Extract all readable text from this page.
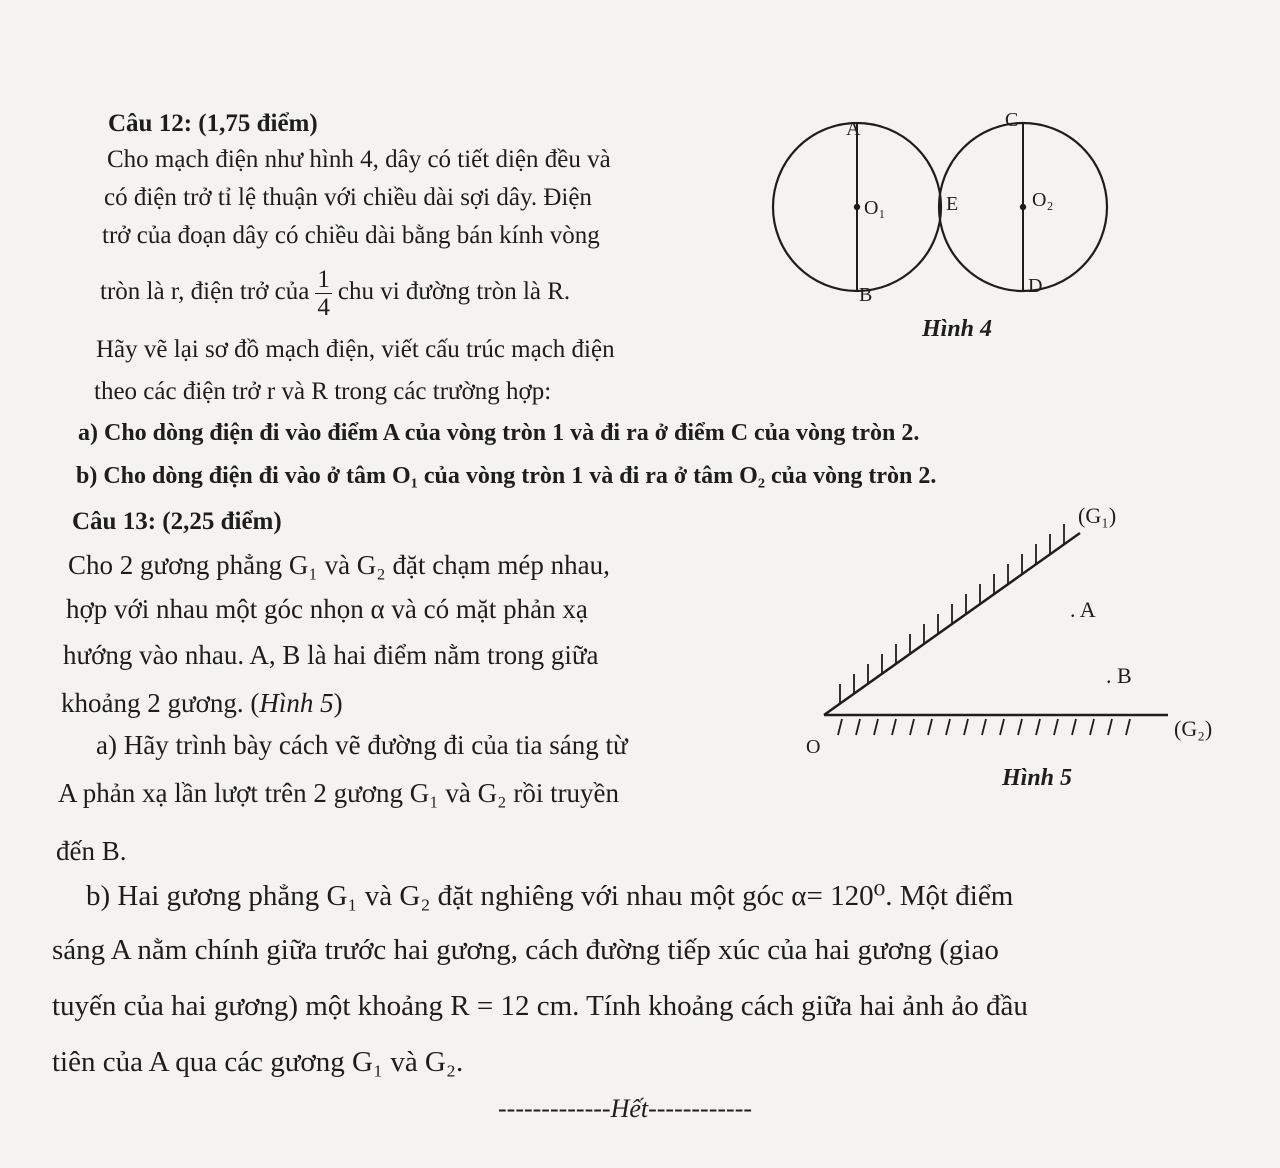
Câu 12: (1,75 điểm)
Cho mạch điện như hình 4, dây có tiết diện đều và
có điện trở tỉ lệ thuận với chiều dài sợi dây. Điện
trở của đoạn dây có chiều dài bằng bán kính vòng
tròn là r, điện trở của $\frac{1}{4}$ chu vi đường tròn là R.
Hãy vẽ lại sơ đồ mạch điện, viết cấu trúc mạch điện
theo các điện trở r và R trong các trường hợp:
a) Cho dòng điện đi vào điểm A của vòng tròn 1 và đi ra ở điểm C của vòng tròn 2.
b) Cho dòng điện đi vào ở tâm O₁ của vòng tròn 1 và đi ra ở tâm O₂ của vòng tròn 2.
A
B
C
D
E
O₁	O₂
Hình 4
Câu 13: (2,25 điểm)
Cho 2 gương phẳng G₁ và G₂ đặt chạm mép nhau,
hợp với nhau một góc nhọn α và có mặt phản xạ
hướng vào nhau. A, B là hai điểm nằm trong giữa
khoảng 2 gương. (Hình 5)
a) Hãy trình bày cách vẽ đường đi của tia sáng từ
A phản xạ lần lượt trên 2 gương G₁ và G₂ rồi truyền
đến B.
b) Hai gương phẳng G₁ và G₂ đặt nghiêng với nhau một góc α= 120⁰. Một điểm
sáng A nằm chính giữa trước hai gương, cách đường tiếp xúc của hai gương (giao
tuyến của hai gương) một khoảng R = 12 cm. Tính khoảng cách giữa hai ảnh ảo đầu
tiên của A qua các gương G₁ và G₂.
(G₁)
(G₂)
. A
. B
O
Hình 5
-------------Hết------------
